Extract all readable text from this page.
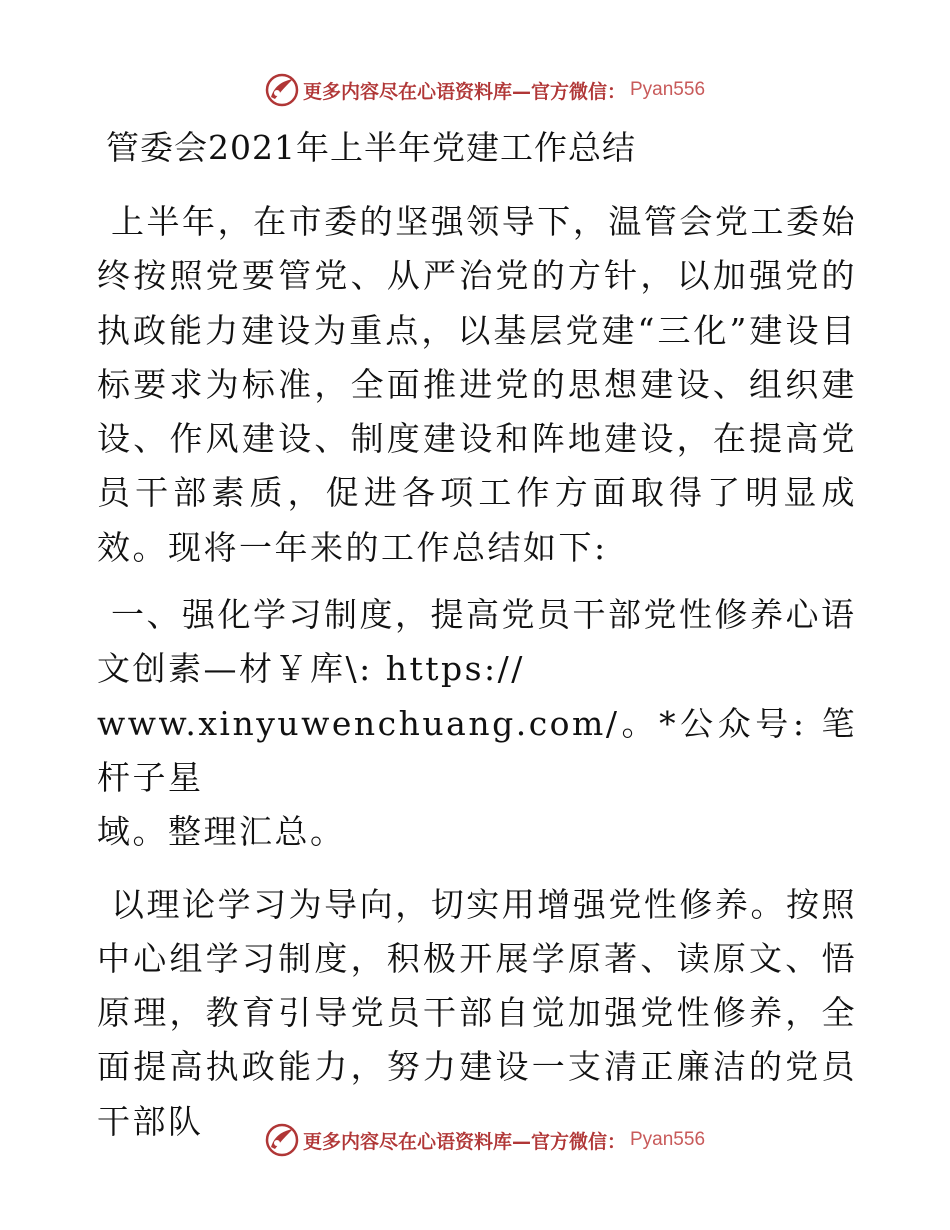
更多内容尽在心语资料库—官方微信： Pyan556
管委会2021年上半年党建工作总结

上半年，在市委的坚强领导下，温管会党工委始终按照党要管党、从严治党的方针，以加强党的执政能力建设为重点，以基层党建“三化”建设目标要求为标准，全面推进党的思想建设、组织建设、作风建设、制度建设和阵地建设，在提高党员干部素质，促进各项工作方面取得了明显成效。现将一年来的工作总结如下:

一、强化学习制度，提高党员干部党性修养心语

文创素—材￥库\: https://

www.xinyuwenchuang.com/。*公众号: 笔杆子星

域。整理汇总。

以理论学习为导向，切实用增强党性修养。按照中心组学习制度，积极开展学原著、读原文、悟原理，教育引导党员干部自觉加强党性修养，全面提高执政能力，努力建设一支清正廉洁的党员干部队

更多内容尽在心语资料库—官方微信： Pyan556
